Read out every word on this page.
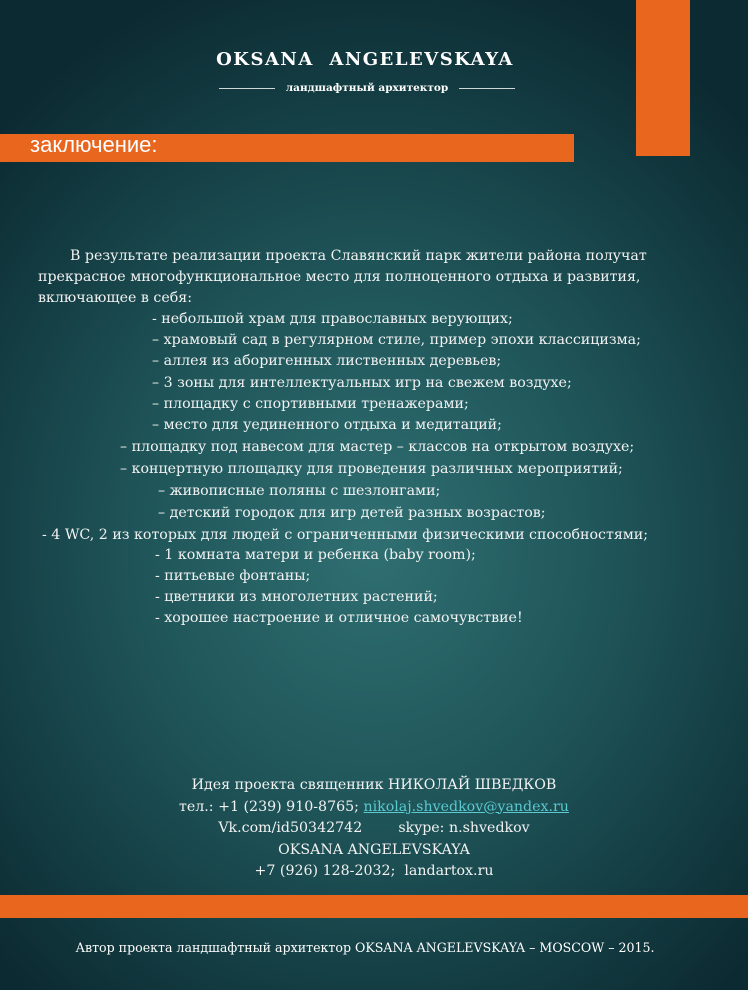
OKSANA  ANGELEVSKAYA
ландшафтный архитектор
заключение:
В результате реализации проекта Славянский парк жители района получат
прекрасное многофункциональное место для полноценного отдыха и развития,
включающее в себя:
- небольшой храм для православных верующих;
– храмовый сад в регулярном стиле, пример эпохи классицизма;
– аллея из аборигенных лиственных деревьев;
– 3 зоны для интеллектуальных игр на свежем воздухе;
– площадку с спортивными тренажерами;
– место для уединенного отдыха и медитаций;
– площадку под навесом для мастер – классов на открытом воздухе;
– концертную площадку для проведения различных мероприятий;
– живописные поляны с шезлонгами;
– детский городок для игр детей разных возрастов;
- 4 WC, 2 из которых для людей с ограниченными физическими способностями;
- 1 комната матери и ребенка (baby room);
- питьевые фонтаны;
- цветники из многолетних растений;
- хорошее настроение и отличное самочувствие!
Идея проекта священник НИКОЛАЙ ШВЕДКОВ
тел.: +1 (239) 910-8765; nikolaj.shvedkov@yandex.ru
Vk.com/id50342742	skype: n.shvedkov
OKSANA ANGELEVSKAYA
+7 (926) 128-2032;  landartox.ru
Автор проекта ландшафтный архитектор OKSANA ANGELEVSKAYA – MOSCOW – 2015.
